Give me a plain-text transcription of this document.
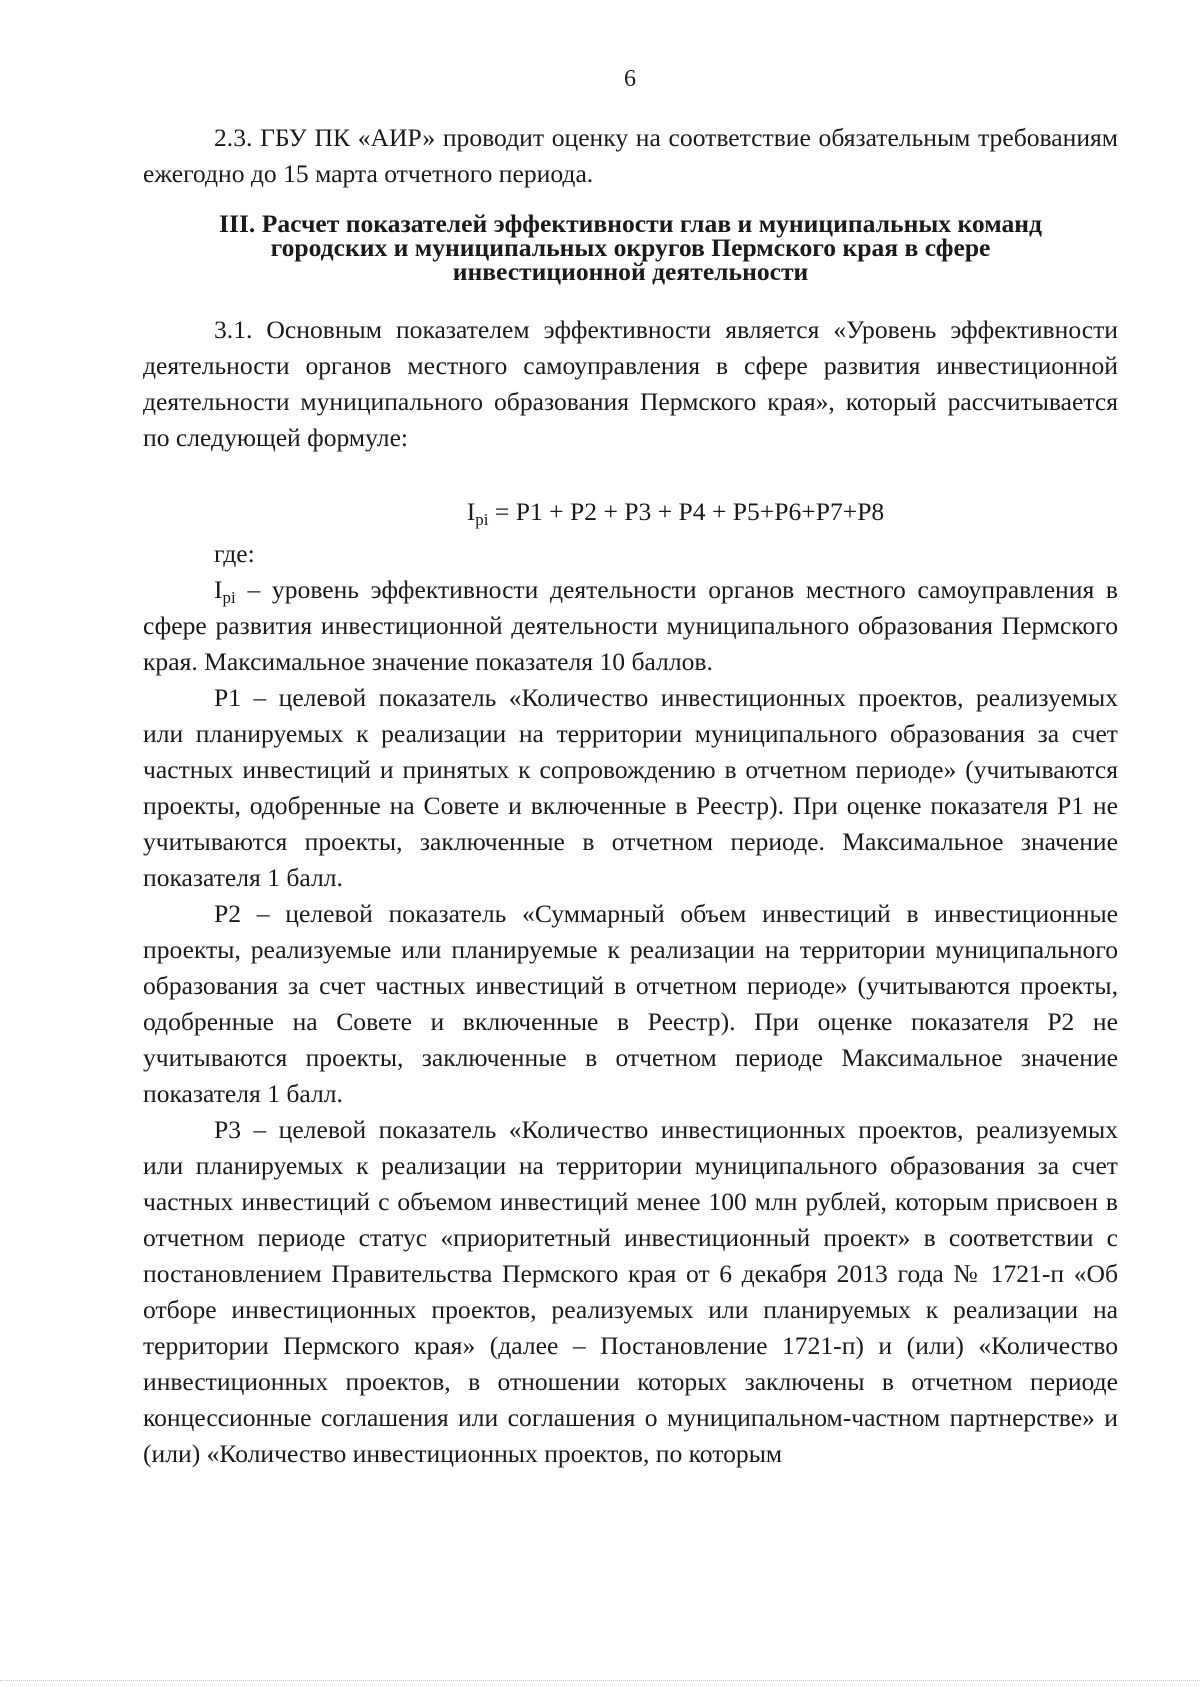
6

2.3. ГБУ ПК «АИР» проводит оценку на соответствие обязательным требованиям ежегодно до 15 марта отчетного периода.

III. Расчет показателей эффективности глав и муниципальных команд
городских и муниципальных округов Пермского края в сфере
инвестиционной деятельности

3.1. Основным показателем эффективности является «Уровень эффективности деятельности органов местного самоуправления в сфере развития инвестиционной деятельности муниципального образования Пермского края», который рассчитывается по следующей формуле:

$I_{pi} = P1 + P2 + P3 + P4 + P5+P6+P7+P8$

где:

$I_{pi}$ – уровень эффективности деятельности органов местного самоуправления в сфере развития инвестиционной деятельности муниципального образования Пермского края. Максимальное значение показателя 10 баллов.

Р1 – целевой показатель «Количество инвестиционных проектов, реализуемых или планируемых к реализации на территории муниципального образования за счет частных инвестиций и принятых к сопровождению в отчетном периоде» (учитываются проекты, одобренные на Совете и включенные в Реестр). При оценке показателя Р1 не учитываются проекты, заключенные в отчетном периоде. Максимальное значение показателя 1 балл.

Р2 – целевой показатель «Суммарный объем инвестиций в инвестиционные проекты, реализуемые или планируемые к реализации на территории муниципального образования за счет частных инвестиций в отчетном периоде» (учитываются проекты, одобренные на Совете и включенные в Реестр). При оценке показателя Р2 не учитываются проекты, заключенные в отчетном периоде Максимальное значение показателя 1 балл.

Р3 – целевой показатель «Количество инвестиционных проектов, реализуемых или планируемых к реализации на территории муниципального образования за счет частных инвестиций с объемом инвестиций менее 100 млн рублей, которым присвоен в отчетном периоде статус «приоритетный инвестиционный проект» в соответствии с постановлением Правительства Пермского края от 6 декабря 2013 года № 1721-п «Об отборе инвестиционных проектов, реализуемых или планируемых к реализации на территории Пермского края» (далее – Постановление 1721-п) и (или) «Количество инвестиционных проектов, в отношении которых заключены в отчетном периоде концессионные соглашения или соглашения о муниципальном-частном партнерстве» и (или) «Количество инвестиционных проектов, по которым
